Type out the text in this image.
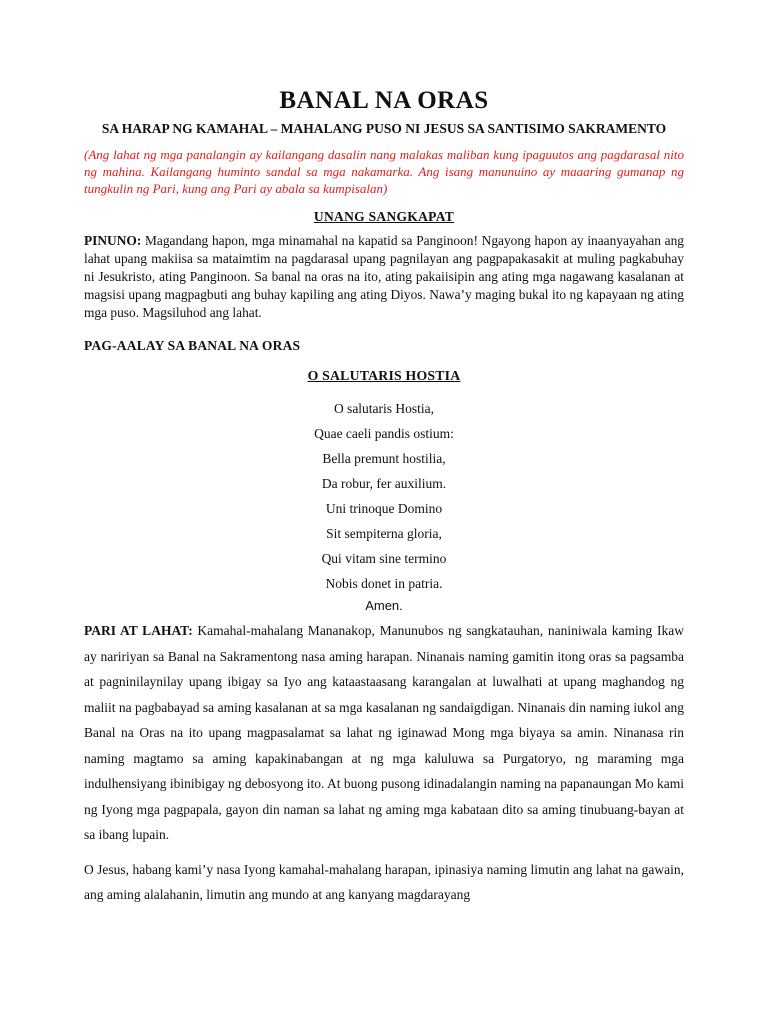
BANAL NA ORAS
SA HARAP NG KAMAHAL – MAHALANG PUSO NI JESUS SA SANTISIMO SAKRAMENTO

(Ang lahat ng mga panalangin ay kailangang dasalin nang malakas maliban kung ipaguutos ang pagdarasal nito ng mahina. Kailangang huminto sandal sa mga nakamarka. Ang isang manunuino ay maaaring gumanap ng tungkulin ng Pari, kung ang Pari ay abala sa kumpisalan)

UNANG SANGKAPAT

PINUNO: Magandang hapon, mga minamahal na kapatid sa Panginoon! Ngayong hapon ay inaanyayahan ang lahat upang makiisa sa mataimtim na pagdarasal upang pagnilayan ang pagpapakasakit at muling pagkabuhay ni Jesukristo, ating Panginoon. Sa banal na oras na ito, ating pakaiisipin ang ating mga nagawang kasalanan at magsisi upang magpagbuti ang buhay kapiling ang ating Diyos. Nawa’y maging bukal ito ng kapayaan ng ating mga puso. Magsiluhod ang lahat.

PAG-AALAY SA BANAL NA ORAS

O SALUTARIS HOSTIA

O salutaris Hostia,
Quae caeli pandis ostium:
Bella premunt hostilia,
Da robur, fer auxilium.
Uni trinoque Domino
Sit sempiterna gloria,
Qui vitam sine termino
Nobis donet in patria.

Amen.

PARI AT LAHAT: Kamahal-mahalang Mananakop, Manunubos ng sangkatauhan, naniniwala kaming Ikaw ay naririyan sa Banal na Sakramentong nasa aming harapan. Ninanais naming gamitin itong oras sa pagsamba at pagninilaynilay upang ibigay sa Iyo ang kataastaasang karangalan at luwalhati at upang maghandog ng maliit na pagbabayad sa aming kasalanan at sa mga kasalanan ng sandaigdigan. Ninanais din naming iukol ang Banal na Oras na ito upang magpasalamat sa lahat ng iginawad Mong mga biyaya sa amin. Ninanasa rin naming magtamo sa aming kapakinabangan at ng mga kaluluwa sa Purgatoryo, ng maraming mga indulhensiyang ibinibigay ng debosyong ito. At buong pusong idinadalangin naming na papanaungan Mo kami ng Iyong mga pagpapala, gayon din naman sa lahat ng aming mga kabataan dito sa aming tinubuang-bayan at sa ibang lupain.

O Jesus, habang kami’y nasa Iyong kamahal-mahalang harapan, ipinasiya naming limutin ang lahat na gawain, ang aming alalahanin, limutin ang mundo at ang kanyang magdarayang
